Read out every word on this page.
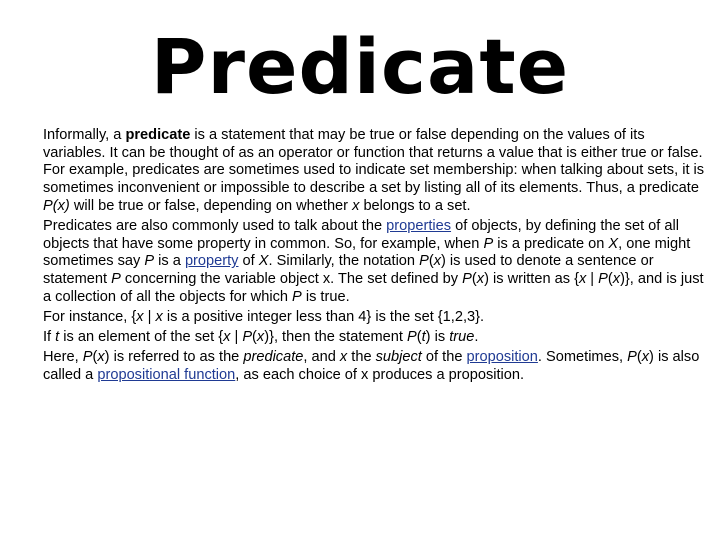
Predicate

Informally, a predicate is a statement that may be true or false depending on the values of its variables. It can be thought of as an operator or function that returns a value that is either true or false. For example, predicates are sometimes used to indicate set membership: when talking about sets, it is sometimes inconvenient or impossible to describe a set by listing all of its elements. Thus, a predicate P(x) will be true or false, depending on whether x belongs to a set.

Predicates are also commonly used to talk about the properties of objects, by defining the set of all objects that have some property in common. So, for example, when P is a predicate on X, one might sometimes say P is a property of X. Similarly, the notation P(x) is used to denote a sentence or statement P concerning the variable object x. The set defined by P(x) is written as {x | P(x)}, and is just a collection of all the objects for which P is true.

For instance, {x | x is a positive integer less than 4} is the set {1,2,3}.

If t is an element of the set {x | P(x)}, then the statement P(t) is true.

Here, P(x) is referred to as the predicate, and x the subject of the proposition. Sometimes, P(x) is also called a propositional function, as each choice of x produces a proposition.
